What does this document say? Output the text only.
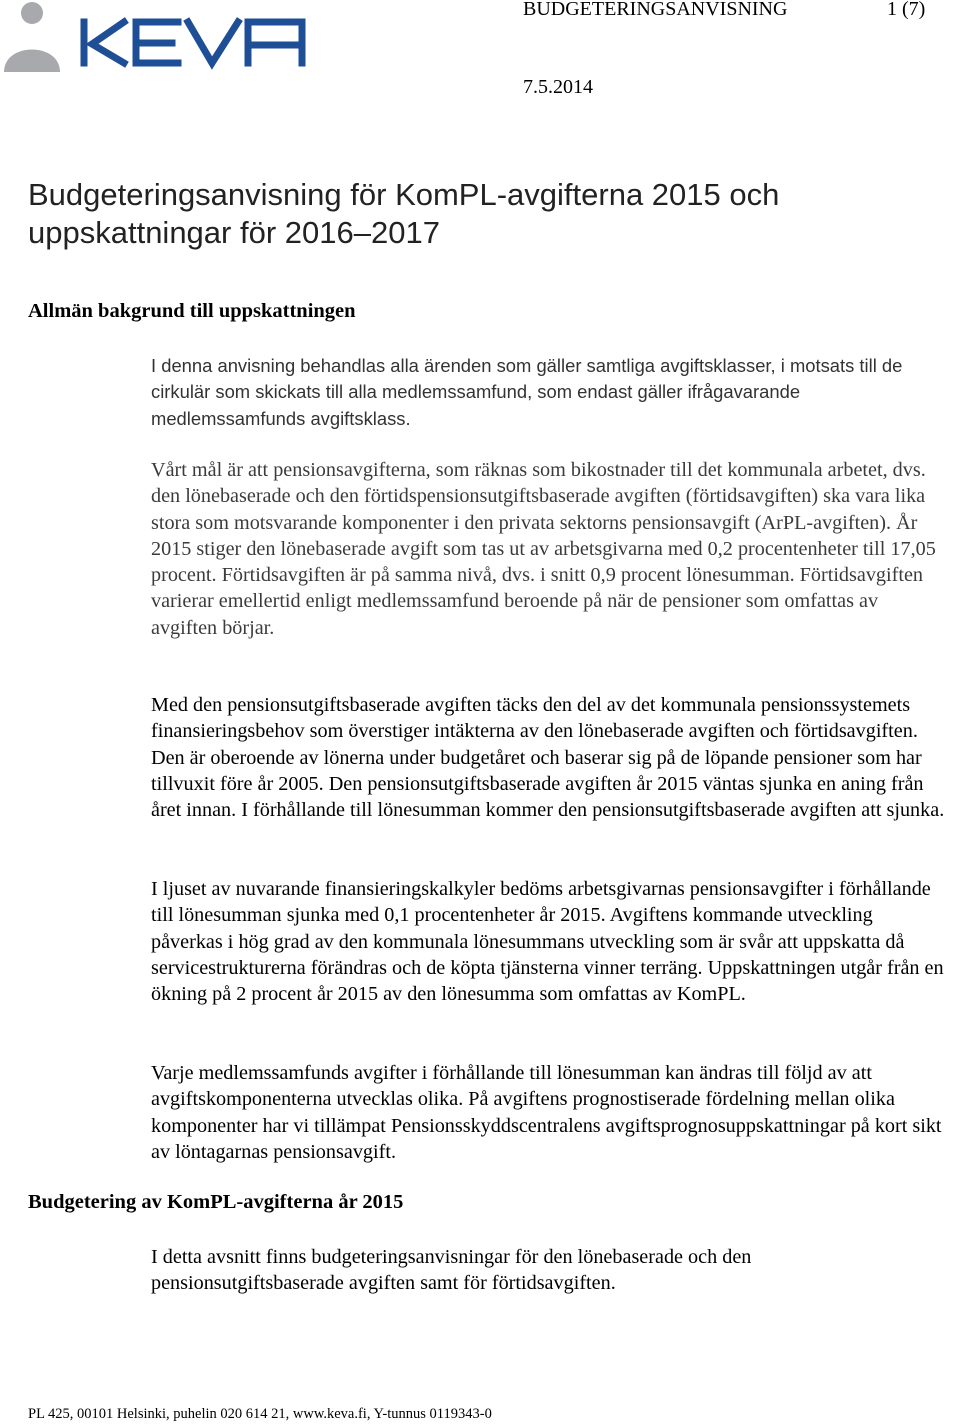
BUDGETERINGSANVISNING	1 (7)
7.5.2014
Budgeteringsanvisning för KomPL-avgifterna 2015 och uppskattningar för 2016–2017
Allmän bakgrund till uppskattningen

I denna anvisning behandlas alla ärenden som gäller samtliga avgiftsklasser, i motsats till de cirkulär som skickats till alla medlemssamfund, som endast gäller ifrågavarande medlemssamfunds avgiftsklass.

Vårt mål är att pensionsavgifterna, som räknas som bikostnader till det kommunala arbetet, dvs. den lönebaserade och den förtidspensionsutgiftsbaserade avgiften (förtidsavgiften) ska vara lika stora som motsvarande komponenter i den privata sektorns pensionsavgift (ArPL-avgiften). År 2015 stiger den lönebaserade avgift som tas ut av arbetsgivarna med 0,2 procentenheter till 17,05 procent. Förtidsavgiften är på samma nivå, dvs. i snitt 0,9 procent lönesumman. Förtidsavgiften varierar emellertid enligt medlemssamfund beroende på när de pensioner som omfattas av avgiften börjar.

Med den pensionsutgiftsbaserade avgiften täcks den del av det kommunala pensionssystemets finansieringsbehov som överstiger intäkterna av den lönebaserade avgiften och förtidsavgiften. Den är oberoende av lönerna under budgetåret och baserar sig på de löpande pensioner som har tillvuxit före år 2005. Den pensionsutgiftsbaserade avgiften år 2015 väntas sjunka en aning från året innan. I förhållande till lönesumman kommer den pensionsutgiftsbaserade avgiften att sjunka.

I ljuset av nuvarande finansieringskalkyler bedöms arbetsgivarnas pensionsavgifter i förhållande till lönesumman sjunka med 0,1 procentenheter år 2015. Avgiftens kommande utveckling påverkas i hög grad av den kommunala lönesummans utveckling som är svår att uppskatta då servicestrukturerna förändras och de köpta tjänsterna vinner terräng. Uppskattningen utgår från en ökning på 2 procent år 2015 av den lönesumma som omfattas av KomPL.

Varje medlemssamfunds avgifter i förhållande till lönesumman kan ändras till följd av att avgiftskomponenterna utvecklas olika. På avgiftens prognostiserade fördelning mellan olika komponenter har vi tillämpat Pensionsskyddscentralens avgiftsprognosuppskattningar på kort sikt av löntagarnas pensionsavgift.

Budgetering av KomPL-avgifterna år 2015

I detta avsnitt finns budgeteringsanvisningar för den lönebaserade och den pensionsutgiftsbaserade avgiften samt för förtidsavgiften.

PL 425, 00101 Helsinki, puhelin 020 614 21, www.keva.fi, Y-tunnus 0119343-0
